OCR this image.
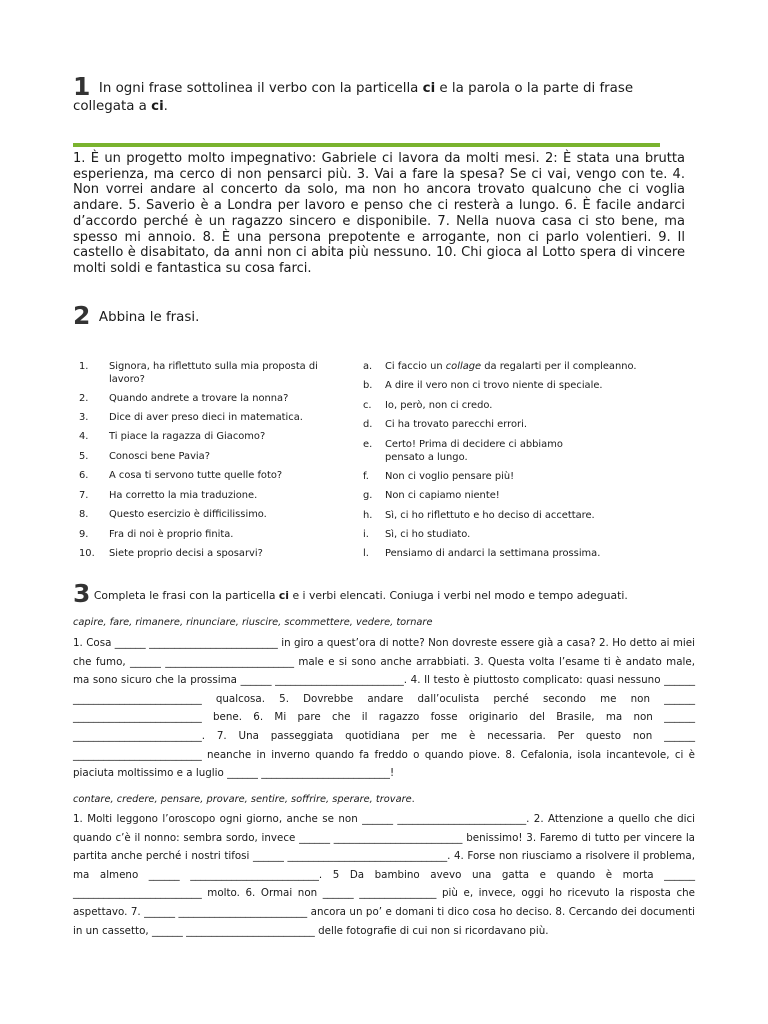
1 In ogni frase sottolinea il verbo con la particella ci e la parola o la parte di frase collegata a ci.
1. È un progetto molto impegnativo: Gabriele ci lavora da molti mesi. 2: È stata una brutta esperienza, ma cerco di non pensarci più. 3. Vai a fare la spesa? Se ci vai, vengo con te. 4. Non vorrei andare al concerto da solo, ma non ho ancora trovato qualcuno che ci voglia andare. 5. Saverio è a Londra per lavoro e penso che ci resterà a lungo. 6. È facile andarci d’accordo perché è un ragazzo sincero e disponibile. 7. Nella nuova casa ci sto bene, ma spesso mi annoio. 8. È una persona prepotente e arrogante, non ci parlo volentieri. 9. Il castello è disabitato, da anni non ci abita più nessuno. 10. Chi gioca al Lotto spera di vincere molti soldi e fantastica su cosa farci.
2 Abbina le frasi.
1. Signora, ha riflettuto sulla mia proposta di lavoro?
2. Quando andrete a trovare la nonna?
3. Dice di aver preso dieci in matematica.
4. Ti piace la ragazza di Giacomo?
5. Conosci bene Pavia?
6. A cosa ti servono tutte quelle foto?
7. Ha corretto la mia traduzione.
8. Questo esercizio è difficilissimo.
9. Fra di noi è proprio finita.
10. Siete proprio decisi a sposarvi?
a. Ci faccio un collage da regalarti per il compleanno.
b. A dire il vero non ci trovo niente di speciale.
c. Io, però, non ci credo.
d. Ci ha trovato parecchi errori.
e. Certo! Prima di decidere ci abbiamo pensato a lungo.
f. Non ci voglio pensare più!
g. Non ci capiamo niente!
h. Sì, ci ho riflettuto e ho deciso di accettare.
i. Sì, ci ho studiato.
l. Pensiamo di andarci la settimana prossima.
3 Completa le frasi con la particella ci e i verbi elencati. Coniuga i verbi nel modo e tempo adeguati.
capire, fare, rimanere, rinunciare, riuscire, scommettere, vedere, tornare
1. Cosa ______ _________________________ in giro a quest’ora di notte? Non dovreste essere già a casa? 2. Ho detto ai miei che fumo, ______ _________________________ male e si sono anche arrabbiati. 3. Questa volta l’esame ti è andato male, ma sono sicuro che la prossima ______ _________________________. 4. Il testo è piuttosto complicato: quasi nessuno ______ _________________________ qualcosa. 5. Dovrebbe andare dall’oculista perché secondo me non ______ _________________________ bene. 6. Mi pare che il ragazzo fosse originario del Brasile, ma non ______ _________________________. 7. Una passeggiata quotidiana per me è necessaria. Per questo non ______ _________________________ neanche in inverno quando fa freddo o quando piove. 8. Cefalonia, isola incantevole, ci è piaciuta moltissimo e a luglio ______ _________________________!
contare, credere, pensare, provare, sentire, soffrire, sperare, trovare.
1. Molti leggono l’oroscopo ogni giorno, anche se non ______ _________________________. 2. Attenzione a quello che dici quando c’è il nonno: sembra sordo, invece ______ _________________________ benissimo! 3. Faremo di tutto per vincere la partita anche perché i nostri tifosi ______ _______________________________. 4. Forse non riusciamo a risolvere il problema, ma almeno ______ _________________________. 5 Da bambino avevo una gatta e quando è morta ______ _________________________ molto. 6. Ormai non ______ _______________ più e, invece, oggi ho ricevuto la risposta che aspettavo. 7. ______ _________________________ ancora un po’ e domani ti dico cosa ho deciso. 8. Cercando dei documenti in un cassetto, ______ _________________________ delle fotografie di cui non si ricordavano più.
